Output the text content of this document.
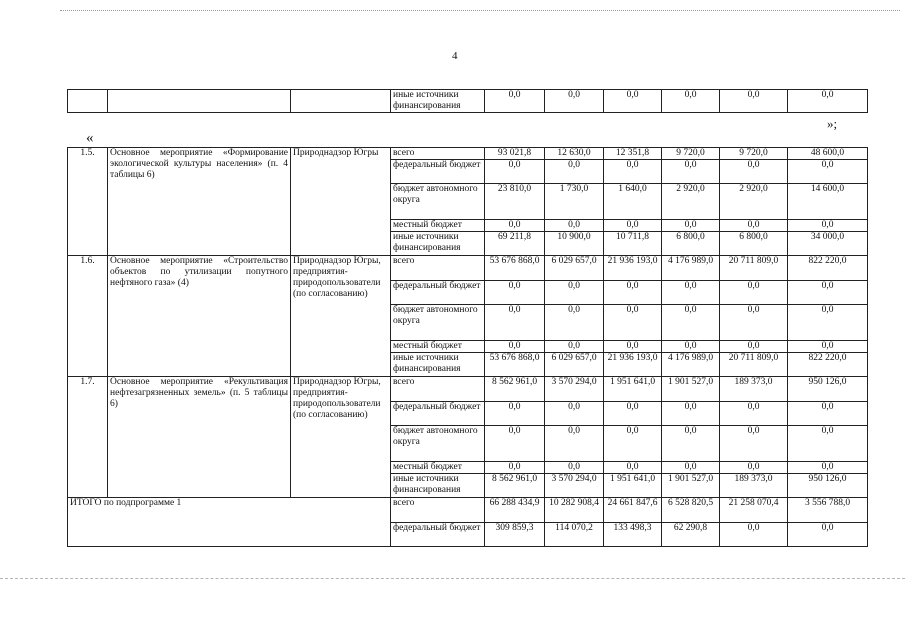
4
			иные источники финансирования	0,0	0,0	0,0	0,0	0,0	0,0
»;
«
1.5.	Основное мероприятие «Формирование экологической культуры населения» (п. 4 таблицы 6)	Природнадзор Югры	всего	93 021,8	12 630,0	12 351,8	9 720,0	9 720,0	48 600,0
			федеральный бюджет	0,0	0,0	0,0	0,0	0,0	0,0
			бюджет автономного округа	23 810,0	1 730,0	1 640,0	2 920,0	2 920,0	14 600,0
			местный бюджет	0,0	0,0	0,0	0,0	0,0	0,0
			иные источники финансирования	69 211,8	10 900,0	10 711,8	6 800,0	6 800,0	34 000,0
1.6.	Основное мероприятие «Строительство объектов по утилизации попутного нефтяного газа» (4)	Природнадзор Югры, предприятия-природопользователи (по согласованию)	всего	53 676 868,0	6 029 657,0	21 936 193,0	4 176 989,0	20 711 809,0	822 220,0
			федеральный бюджет	0,0	0,0	0,0	0,0	0,0	0,0
			бюджет автономного округа	0,0	0,0	0,0	0,0	0,0	0,0
			местный бюджет	0,0	0,0	0,0	0,0	0,0	0,0
			иные источники финансирования	53 676 868,0	6 029 657,0	21 936 193,0	4 176 989,0	20 711 809,0	822 220,0
1.7.	Основное мероприятие «Рекультивация нефтезагрязненных земель» (п. 5 таблицы 6)	Природнадзор Югры, предприятия-природопользователи (по согласованию)	всего	8 562 961,0	3 570 294,0	1 951 641,0	1 901 527,0	189 373,0	950 126,0
			федеральный бюджет	0,0	0,0	0,0	0,0	0,0	0,0
			бюджет автономного округа	0,0	0,0	0,0	0,0	0,0	0,0
			местный бюджет	0,0	0,0	0,0	0,0	0,0	0,0
			иные источники финансирования	8 562 961,0	3 570 294,0	1 951 641,0	1 901 527,0	189 373,0	950 126,0
ИТОГО по подпрограмме 1			всего	66 288 434,9	10 282 908,4	24 661 847,6	6 528 820,5	21 258 070,4	3 556 788,0
			федеральный бюджет	309 859,3	114 070,2	133 498,3	62 290,8	0,0	0,0
